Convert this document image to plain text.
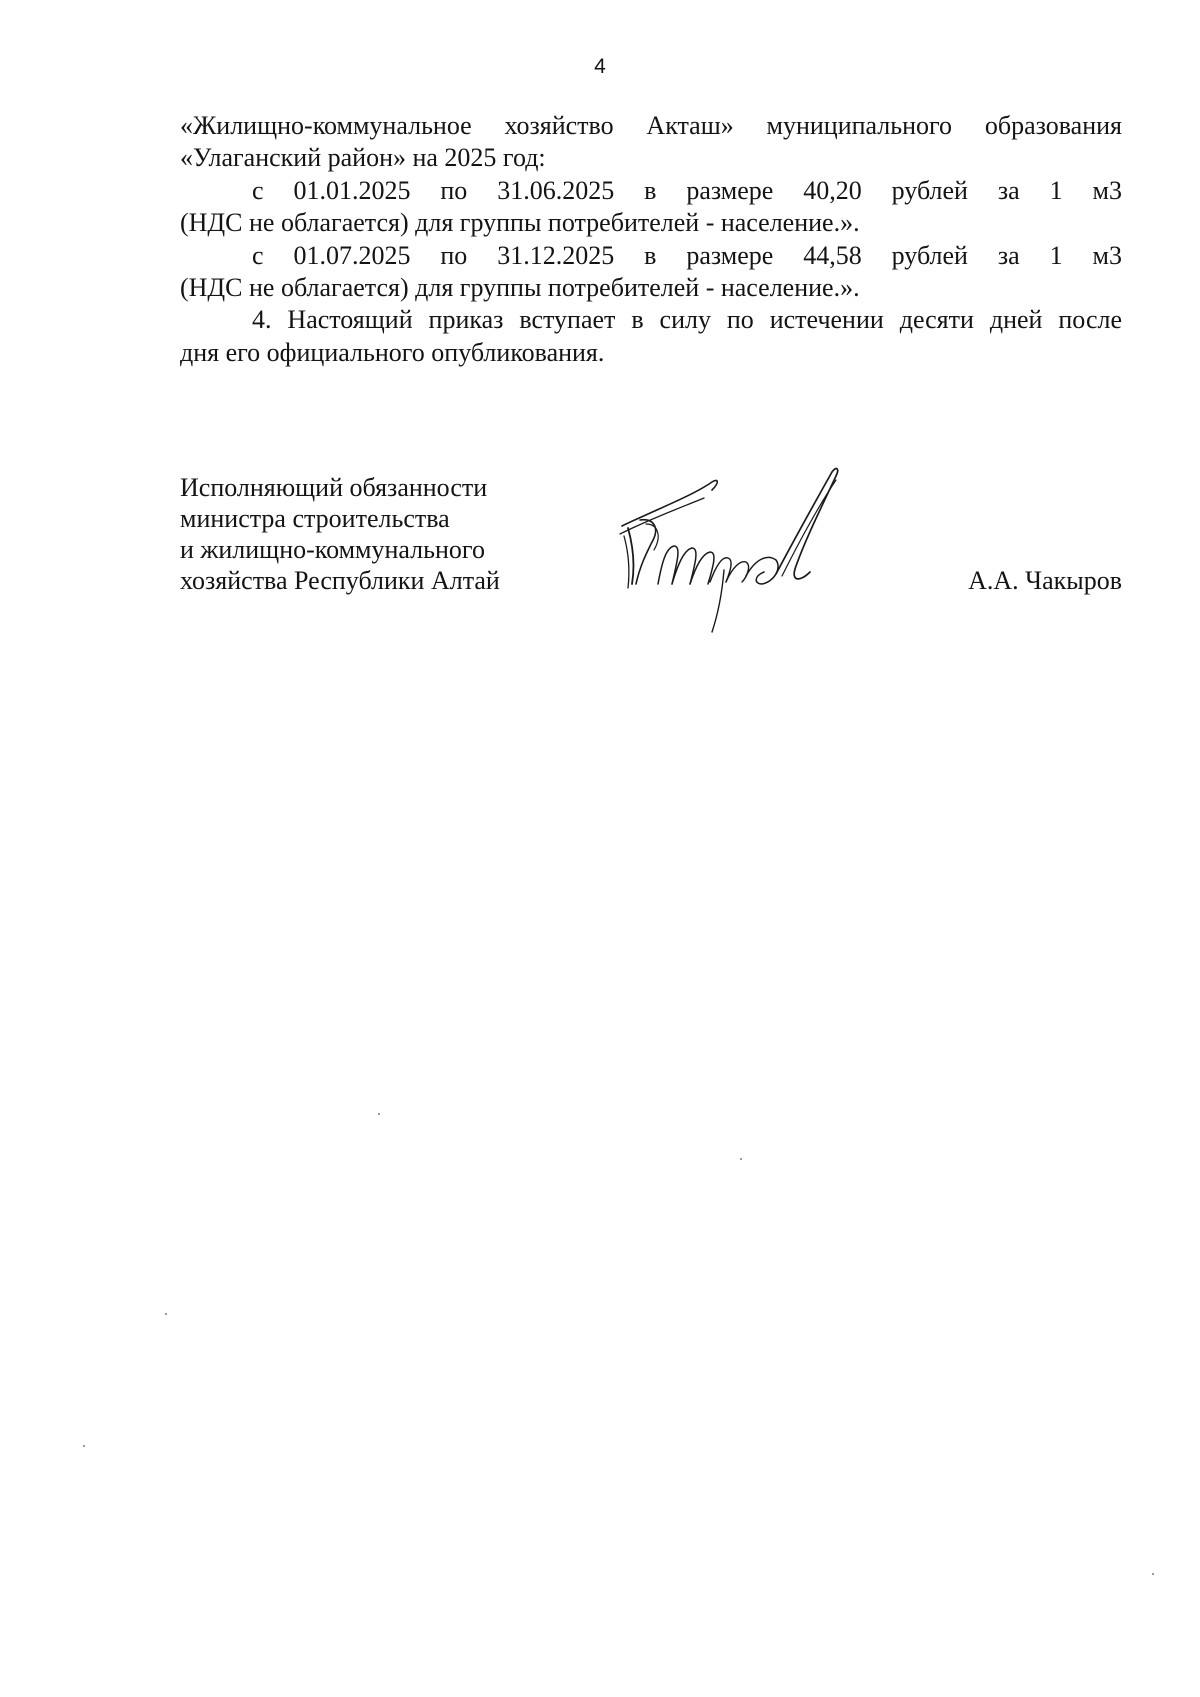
4

«Жилищно-коммунальное хозяйство Акташ» муниципального образования
«Улаганский район» на 2025 год:

с 01.01.2025 по 31.06.2025 в размере 40,20 рублей за 1 м3
(НДС не облагается) для группы потребителей - население.».

с 01.07.2025 по 31.12.2025 в размере 44,58 рублей за 1 м3
(НДС не облагается) для группы потребителей - население.».

4. Настоящий приказ вступает в силу по истечении десяти дней после
дня его официального опубликования.

Исполняющий обязанности
министра строительства
и жилищно-коммунального
хозяйства Республики Алтай	А.А. Чакыров
